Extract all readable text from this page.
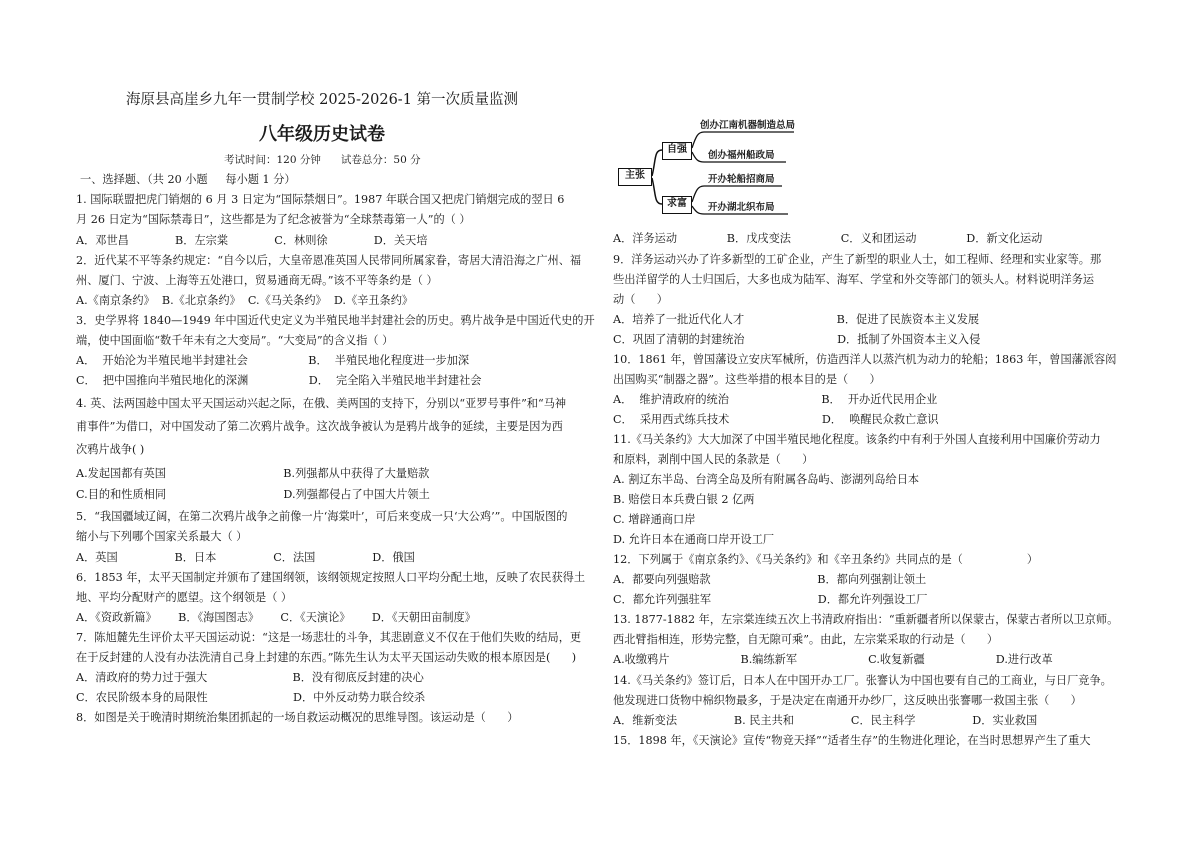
海原县高崖乡九年一贯制学校 2025-2026-1 第一次质量监测
八年级历史试卷
考试时间：120 分钟      试卷总分：50 分
一、选择题、（共 20 小题     每小题 1 分）
1. 国际联盟把虎门销烟的 6 月 3 日定为“国际禁烟日”。1987 年联合国又把虎门销烟完成的翌日 6
月 26 日定为“国际禁毒日”，这些都是为了纪念被誉为“全球禁毒第一人”的（ ）
A．邓世昌             B．左宗棠             C．林则徐             D．关天培
2．近代某不平等条约规定：“自今以后，大皇帝恩准英国人民带同所属家眷，寄居大清沿海之广州、福
州、厦门、宁波、上海等五处港口，贸易通商无碍。”该不平等条约是（ ）
A.《南京条约》  B.《北京条约》  C.《马关条约》  D.《辛丑条约》
3．史学界将 1840—1949 年中国近代史定义为半殖民地半封建社会的历史。鸦片战争是中国近代史的开
端，使中国面临“数千年未有之大变局”。“大变局”的含义指（ ）
A．  开始沦为半殖民地半封建社会                 B．  半殖民地化程度进一步加深
C．  把中国推向半殖民地化的深渊                 D．  完全陷入半殖民地半封建社会
4. 英、法两国趁中国太平天国运动兴起之际，在俄、美两国的支持下，分别以“亚罗号事件”和“马神
甫事件”为借口，对中国发动了第二次鸦片战争。这次战争被认为是鸦片战争的延续，主要是因为西
次鸦片战争( )
A.发起国都有英国                                 B.列强都从中获得了大量赔款
C.目的和性质相同                                 D.列强都侵占了中国大片领土
5．“我国疆域辽阔，在第二次鸦片战争之前像一片‘海棠叶’，可后来变成一只‘大公鸡’”。中国版图的
缩小与下列哪个国家关系最大（ ）
A．英国                B．日本                C．法国                D．俄国
6．1853 年，太平天国制定并颁布了建国纲领，该纲领规定按照人口平均分配土地，反映了农民获得土
地、平均分配财产的愿望。这个纲领是（ ）
A．《资政新篇》      B．《海国图志》      C．《天演论》      D．《天朝田亩制度》
7．陈旭麓先生评价太平天国运动说：“这是一场悲壮的斗争，其悲剧意义不仅在于他们失败的结局，更
在于反封建的人没有办法洗清自己身上封建的东西。”陈先生认为太平天国运动失败的根本原因是(      )
A．清政府的势力过于强大                        B．没有彻底反封建的决心
C．农民阶级本身的局限性                        D．中外反动势力联合绞杀
8．如图是关于晚清时期统治集团抓起的一场自救运动概况的思维导图。该运动是（      ）
主张
自强
求富
创办江南机器制造总局
创办福州船政局
开办轮船招商局
开办湖北织布局
A．洋务运动              B．戊戌变法              C．义和团运动              D．新文化运动
9．洋务运动兴办了许多新型的工矿企业，产生了新型的职业人士，如工程师、经理和实业家等。那
些出洋留学的人士归国后，大多也成为陆军、海军、学堂和外交等部门的领头人。材料说明洋务运
动（      ）
A．培养了一批近代化人才                          B．促进了民族资本主义发展
C．巩固了清朝的封建统治                          D．抵制了外国资本主义入侵
10．1861 年，曾国藩设立安庆军械所，仿造西洋人以蒸汽机为动力的轮船；1863 年，曾国藩派容闳
出国购买“制器之器”。这些举措的根本目的是（      ）
A．  维护清政府的统治                          B．  开办近代民用企业
C．  采用西式练兵技术                          D．  唤醒民众救亡意识
11.《马关条约》大大加深了中国半殖民地化程度。该条约中有利于外国人直接利用中国廉价劳动力
和原料，剥削中国人民的条款是（      ）
A. 割辽东半岛、台湾全岛及所有附属各岛屿、澎湖列岛给日本
B. 赔偿日本兵费白银 2 亿两
C. 增辟通商口岸
D. 允许日本在通商口岸开设工厂
12．下列属于《南京条约》、《马关条约》和《辛丑条约》共同点的是（                  ）
A．都要向列强赔款                              B．都向列强割让领土
C．都允许列强驻军                              D．都允许列强设工厂
13. 1877-1882 年，左宗棠连续五次上书清政府指出：“重新疆者所以保蒙古，保蒙古者所以卫京师。
西北臂指相连，形势完整，自无隙可乘”。由此，左宗棠采取的行动是（      ）
A.收缴鸦片                    B.编练新军                    C.收复新疆                    D.进行改革
14.《马关条约》签订后，日本人在中国开办工厂。张謇认为中国也要有自己的工商业，与日厂竞争。
他发现进口货物中棉织物最多，于是决定在南通开办纱厂，这反映出张謇哪一救国主张（      ）
A．维新变法                B. 民主共和                C．民主科学                D．实业救国
15．1898 年，《天演论》宣传“物竞天择”“适者生存”的生物进化理论，在当时思想界产生了重大
